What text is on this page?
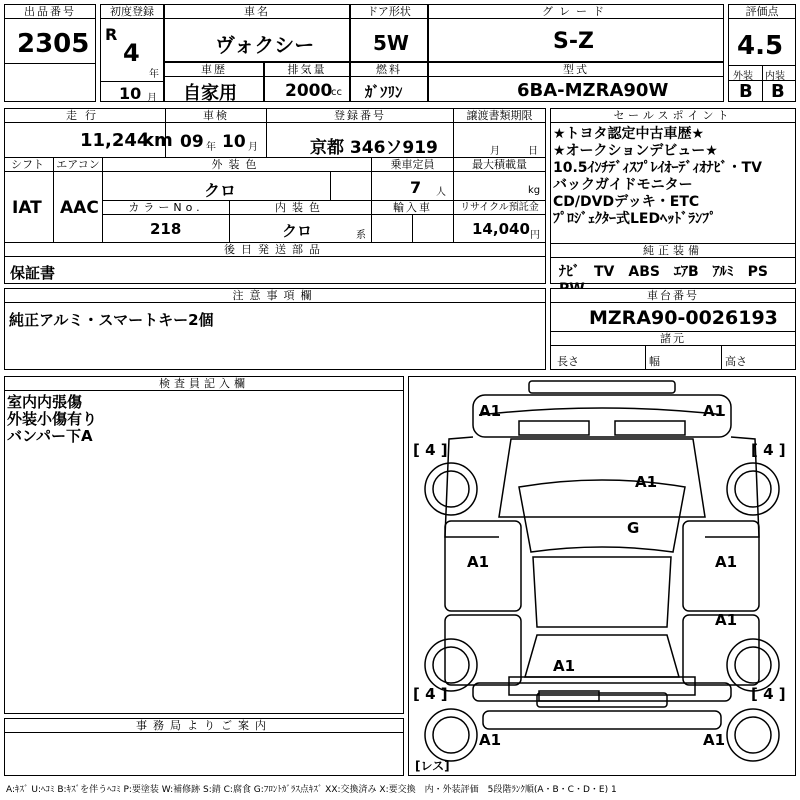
出品番号
2305
初度登録
R
4
年
10 月
車名
ヴォクシー
ドア形状
5W
グレード
S-Z
評価点
4.5
外装 内装
B B
車歴
自家用
排気量
2000
cc
燃料
ｶﾞｿﾘﾝ
型式
6BA-MZRA90W
走行
11,244
km
車検
09 年 10 月
登録番号
京都 346ソ919
譲渡書類期限
月	日
シフト
IAT
エアコン
AAC
外装色
クロ
乗車定員
7 人
最大積載量
kg
カラーNo.
218
内装色
クロ	系
輸入車	リサイクル預託金
14,040 円
後日発送部品
保証書
セールスポイント
★トヨタ認定中古車歴★
★オークションデビュー★
10.5ｲﾝﾁﾃﾞｨｽﾌﾟﾚｲｵｰﾃﾞｨｵﾅﾋﾞ・TV
バックガイドモニター
CD/DVDデッキ・ETC
ﾌﾟﾛｼﾞｪｸﾀｰ式LEDﾍｯﾄﾞﾗﾝﾌﾟ
純正装備
ﾅﾋﾞ　TV　ABS　ｴｱB　ｱﾙﾐ　PS　
注意事項欄
純正アルミ・スマートキー2個
車台番号
MZRA90-0026193
諸元
長さ	幅	高さ
検査員記入欄
室内内張傷
外装小傷有り
バンパー下A
事務局よりご案内
A1	A1
[ 4 ]	[ 4 ]
A1
G
A1	A1
A1
A1
[ 4 ]	[ 4 ]
A1	A1
[レス]
A:ｷｽﾞ U:ﾍｺﾐ B:ｷｽﾞを伴うﾍｺﾐ P:要塗装 W:補修跡 S:錆 C:腐食 G:ﾌﾛﾝﾄｶﾞﾗｽ点ｷｽﾞ XX:交換済み X:要交換　内・外装評価　5段階ﾗﾝｸ順(A・B・C・D・E) 1
